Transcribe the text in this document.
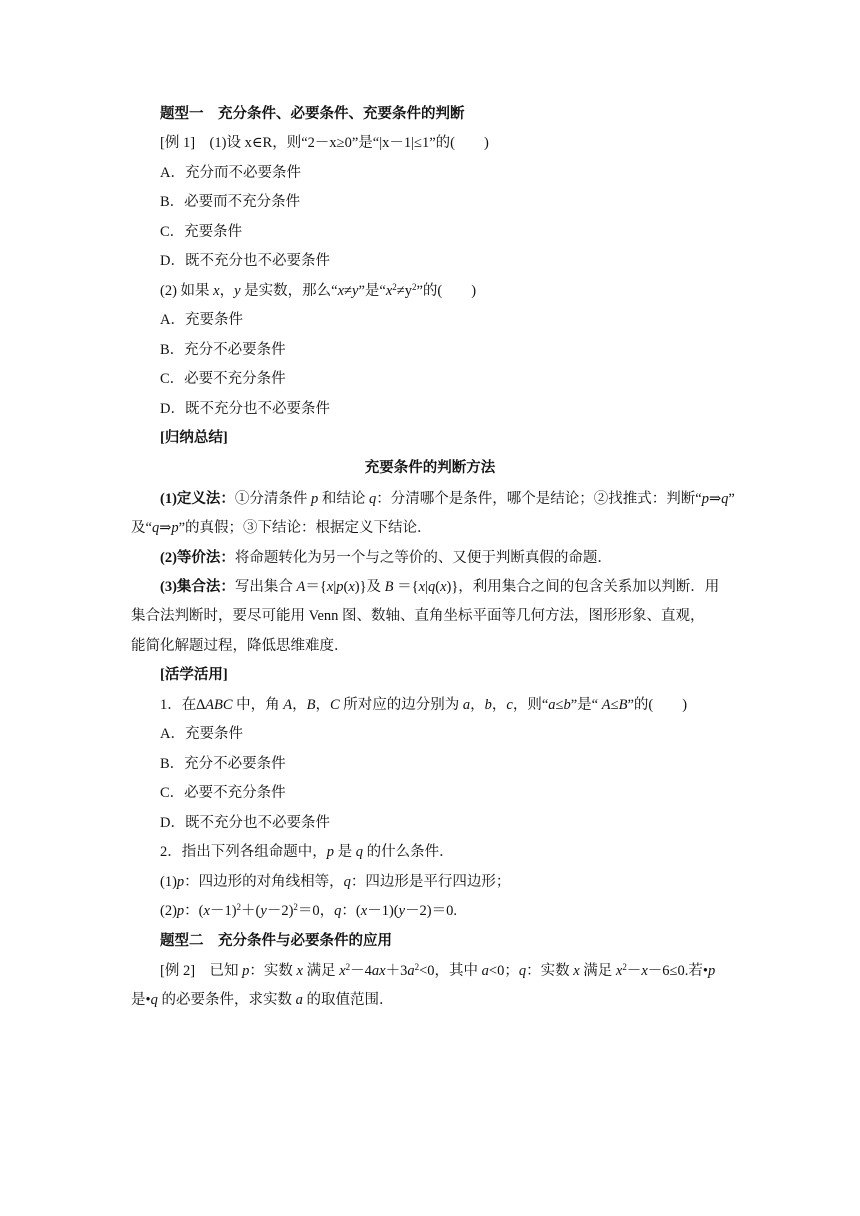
题型一　充分条件、必要条件、充要条件的判断
[例 1]　(1)设 x∈R，则“2－x≥0”是“|x－1|≤1”的(　　)
A．充分而不必要条件
B．必要而不充分条件
C．充要条件
D．既不充分也不必要条件
(2) 如果 x，y 是实数，那么“x≠y”是“$x^2\ne y^2$”的(　　)
A．充要条件
B．充分不必要条件
C．必要不充分条件
D．既不充分也不必要条件
[归纳总结]
充要条件的判断方法
(1)定义法：①分清条件 p 和结论 q：分清哪个是条件，哪个是结论；②找推式：判断“p⇒q”
及“q⇒p”的真假；③下结论：根据定义下结论．
(2)等价法：将命题转化为另一个与之等价的、又便于判断真假的命题．
(3)集合法：写出集合 A＝{x|p(x)}及 B ＝{x|q(x)}，利用集合之间的包含关系加以判断．用
集合法判断时，要尽可能用 Venn 图、数轴、直角坐标平面等几何方法，图形形象、直观，
能简化解题过程，降低思维难度．
[活学活用]
1．在∆ABC 中，角 A，B，C 所对应的边分别为 a，b，c，则“a≤b”是“ A≤B”的(　　)
A．充要条件
B．充分不必要条件
C．必要不充分条件
D．既不充分也不必要条件
2．指出下列各组命题中，p 是 q 的什么条件．
(1)p：四边形的对角线相等，q：四边形是平行四边形；
(2)p：$(x-1)^2+(y-2)^2=0$，q：(x－1)(y－2)＝0.
题型二　充分条件与必要条件的应用
[例 2]　已知 p：实数 x 满足 $x^2-4ax+3a^2<0$，其中 a<0；q：实数 x 满足 $x^2-x-6\le 0$.若•p
是•q 的必要条件，求实数 a 的取值范围．
